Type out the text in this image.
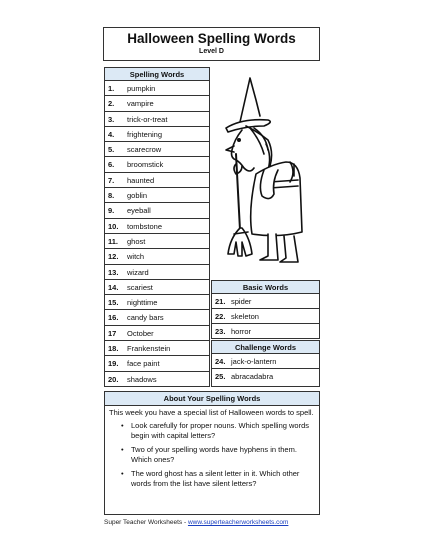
Halloween Spelling Words
Level D
Spelling Words
1. pumpkin
2. vampire
3. trick-or-treat
4. frightening
5. scarecrow
6. broomstick
7. haunted
8. goblin
9. eyeball
10. tombstone
11. ghost
12. witch
13. wizard
14. scariest
15. nighttime
16. candy bars
17 October
18. Frankenstein
19. face paint
20. shadows
Basic Words
21. spider
22. skeleton
23. horror
Challenge Words
24. jack-o-lantern
25. abracadabra
About Your Spelling Words

This week you have a special list of Halloween words to spell.

• Look carefully for proper nouns. Which spelling words begin with capital letters?
• Two of your spelling words have hyphens in them. Which ones?
• The word ghost has a silent letter in it. Which other words from the list have silent letters?
Super Teacher Worksheets - www.superteacherworksheets.com
